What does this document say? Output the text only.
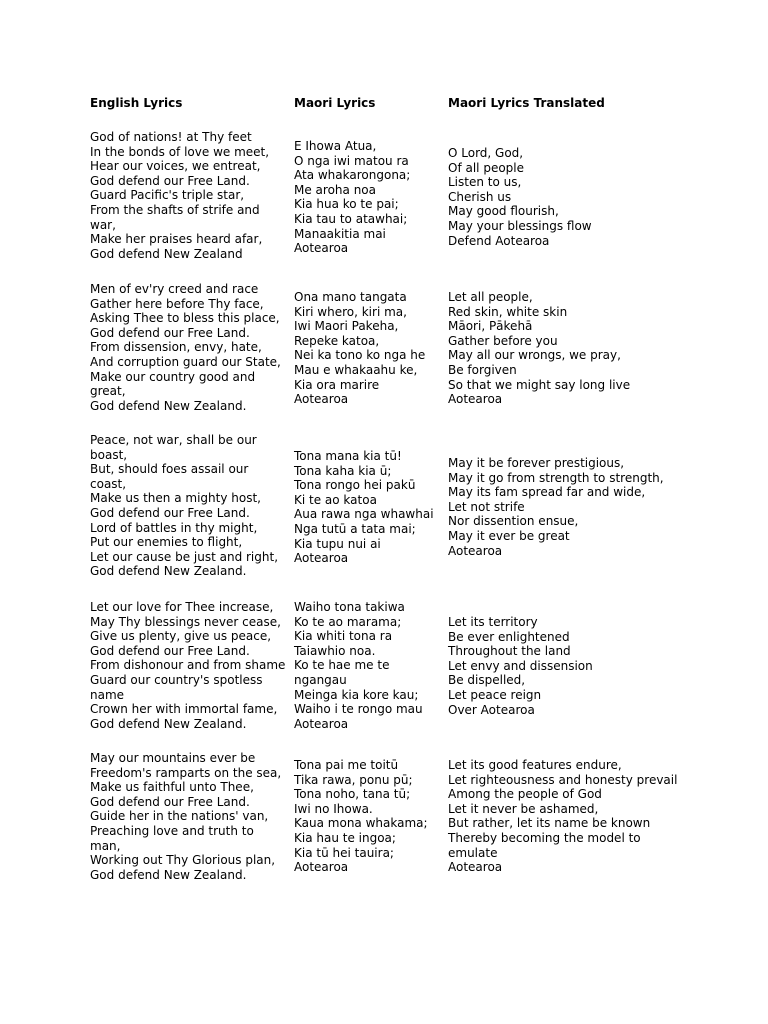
English Lyrics	Maori Lyrics	Maori Lyrics Translated
God of nations! at Thy feet
In the bonds of love we meet,
Hear our voices, we entreat,
God defend our Free Land.
Guard Pacific's triple star,
From the shafts of strife and
war,
Make her praises heard afar,
God defend New Zealand
E Ihowa Atua,
O nga iwi matou ra
Ata whakarongona;
Me aroha noa
Kia hua ko te pai;
Kia tau to atawhai;
Manaakitia mai
Aotearoa
O Lord, God,
Of all people
Listen to us,
Cherish us
May good flourish,
May your blessings flow
Defend Aotearoa
Men of ev'ry creed and race
Gather here before Thy face,
Asking Thee to bless this place,
God defend our Free Land.
From dissension, envy, hate,
And corruption guard our State,
Make our country good and
great,
God defend New Zealand.
Ona mano tangata
Kiri whero, kiri ma,
Iwi Maori Pakeha,
Repeke katoa,
Nei ka tono ko nga he
Mau e whakaahu ke,
Kia ora marire
Aotearoa
Let all people,
Red skin, white skin
Māori, Pākehā
Gather before you
May all our wrongs, we pray,
Be forgiven
So that we might say long live
Aotearoa
Peace, not war, shall be our
boast,
But, should foes assail our
coast,
Make us then a mighty host,
God defend our Free Land.
Lord of battles in thy might,
Put our enemies to flight,
Let our cause be just and right,
God defend New Zealand.
Tona mana kia tū!
Tona kaha kia ū;
Tona rongo hei pakū
Ki te ao katoa
Aua rawa nga whawhai
Nga tutū a tata mai;
Kia tupu nui ai
Aotearoa
May it be forever prestigious,
May it go from strength to strength,
May its fam spread far and wide,
Let not strife
Nor dissention ensue,
May it ever be great
Aotearoa
Let our love for Thee increase,
May Thy blessings never cease,
Give us plenty, give us peace,
God defend our Free Land.
From dishonour and from shame
Guard our country's spotless
name
Crown her with immortal fame,
God defend New Zealand.
Waiho tona takiwa
Ko te ao marama;
Kia whiti tona ra
Taiawhio noa.
Ko te hae me te
ngangau
Meinga kia kore kau;
Waiho i te rongo mau
Aotearoa
Let its territory
Be ever enlightened
Throughout the land
Let envy and dissension
Be dispelled,
Let peace reign
Over Aotearoa
May our mountains ever be
Freedom's ramparts on the sea,
Make us faithful unto Thee,
God defend our Free Land.
Guide her in the nations' van,
Preaching love and truth to
man,
Working out Thy Glorious plan,
God defend New Zealand.
Tona pai me toitū
Tika rawa, ponu pū;
Tona noho, tana tū;
Iwi no Ihowa.
Kaua mona whakama;
Kia hau te ingoa;
Kia tū hei tauira;
Aotearoa
Let its good features endure,
Let righteousness and honesty prevail
Among the people of God
Let it never be ashamed,
But rather, let its name be known
Thereby becoming the model to
emulate
Aotearoa
